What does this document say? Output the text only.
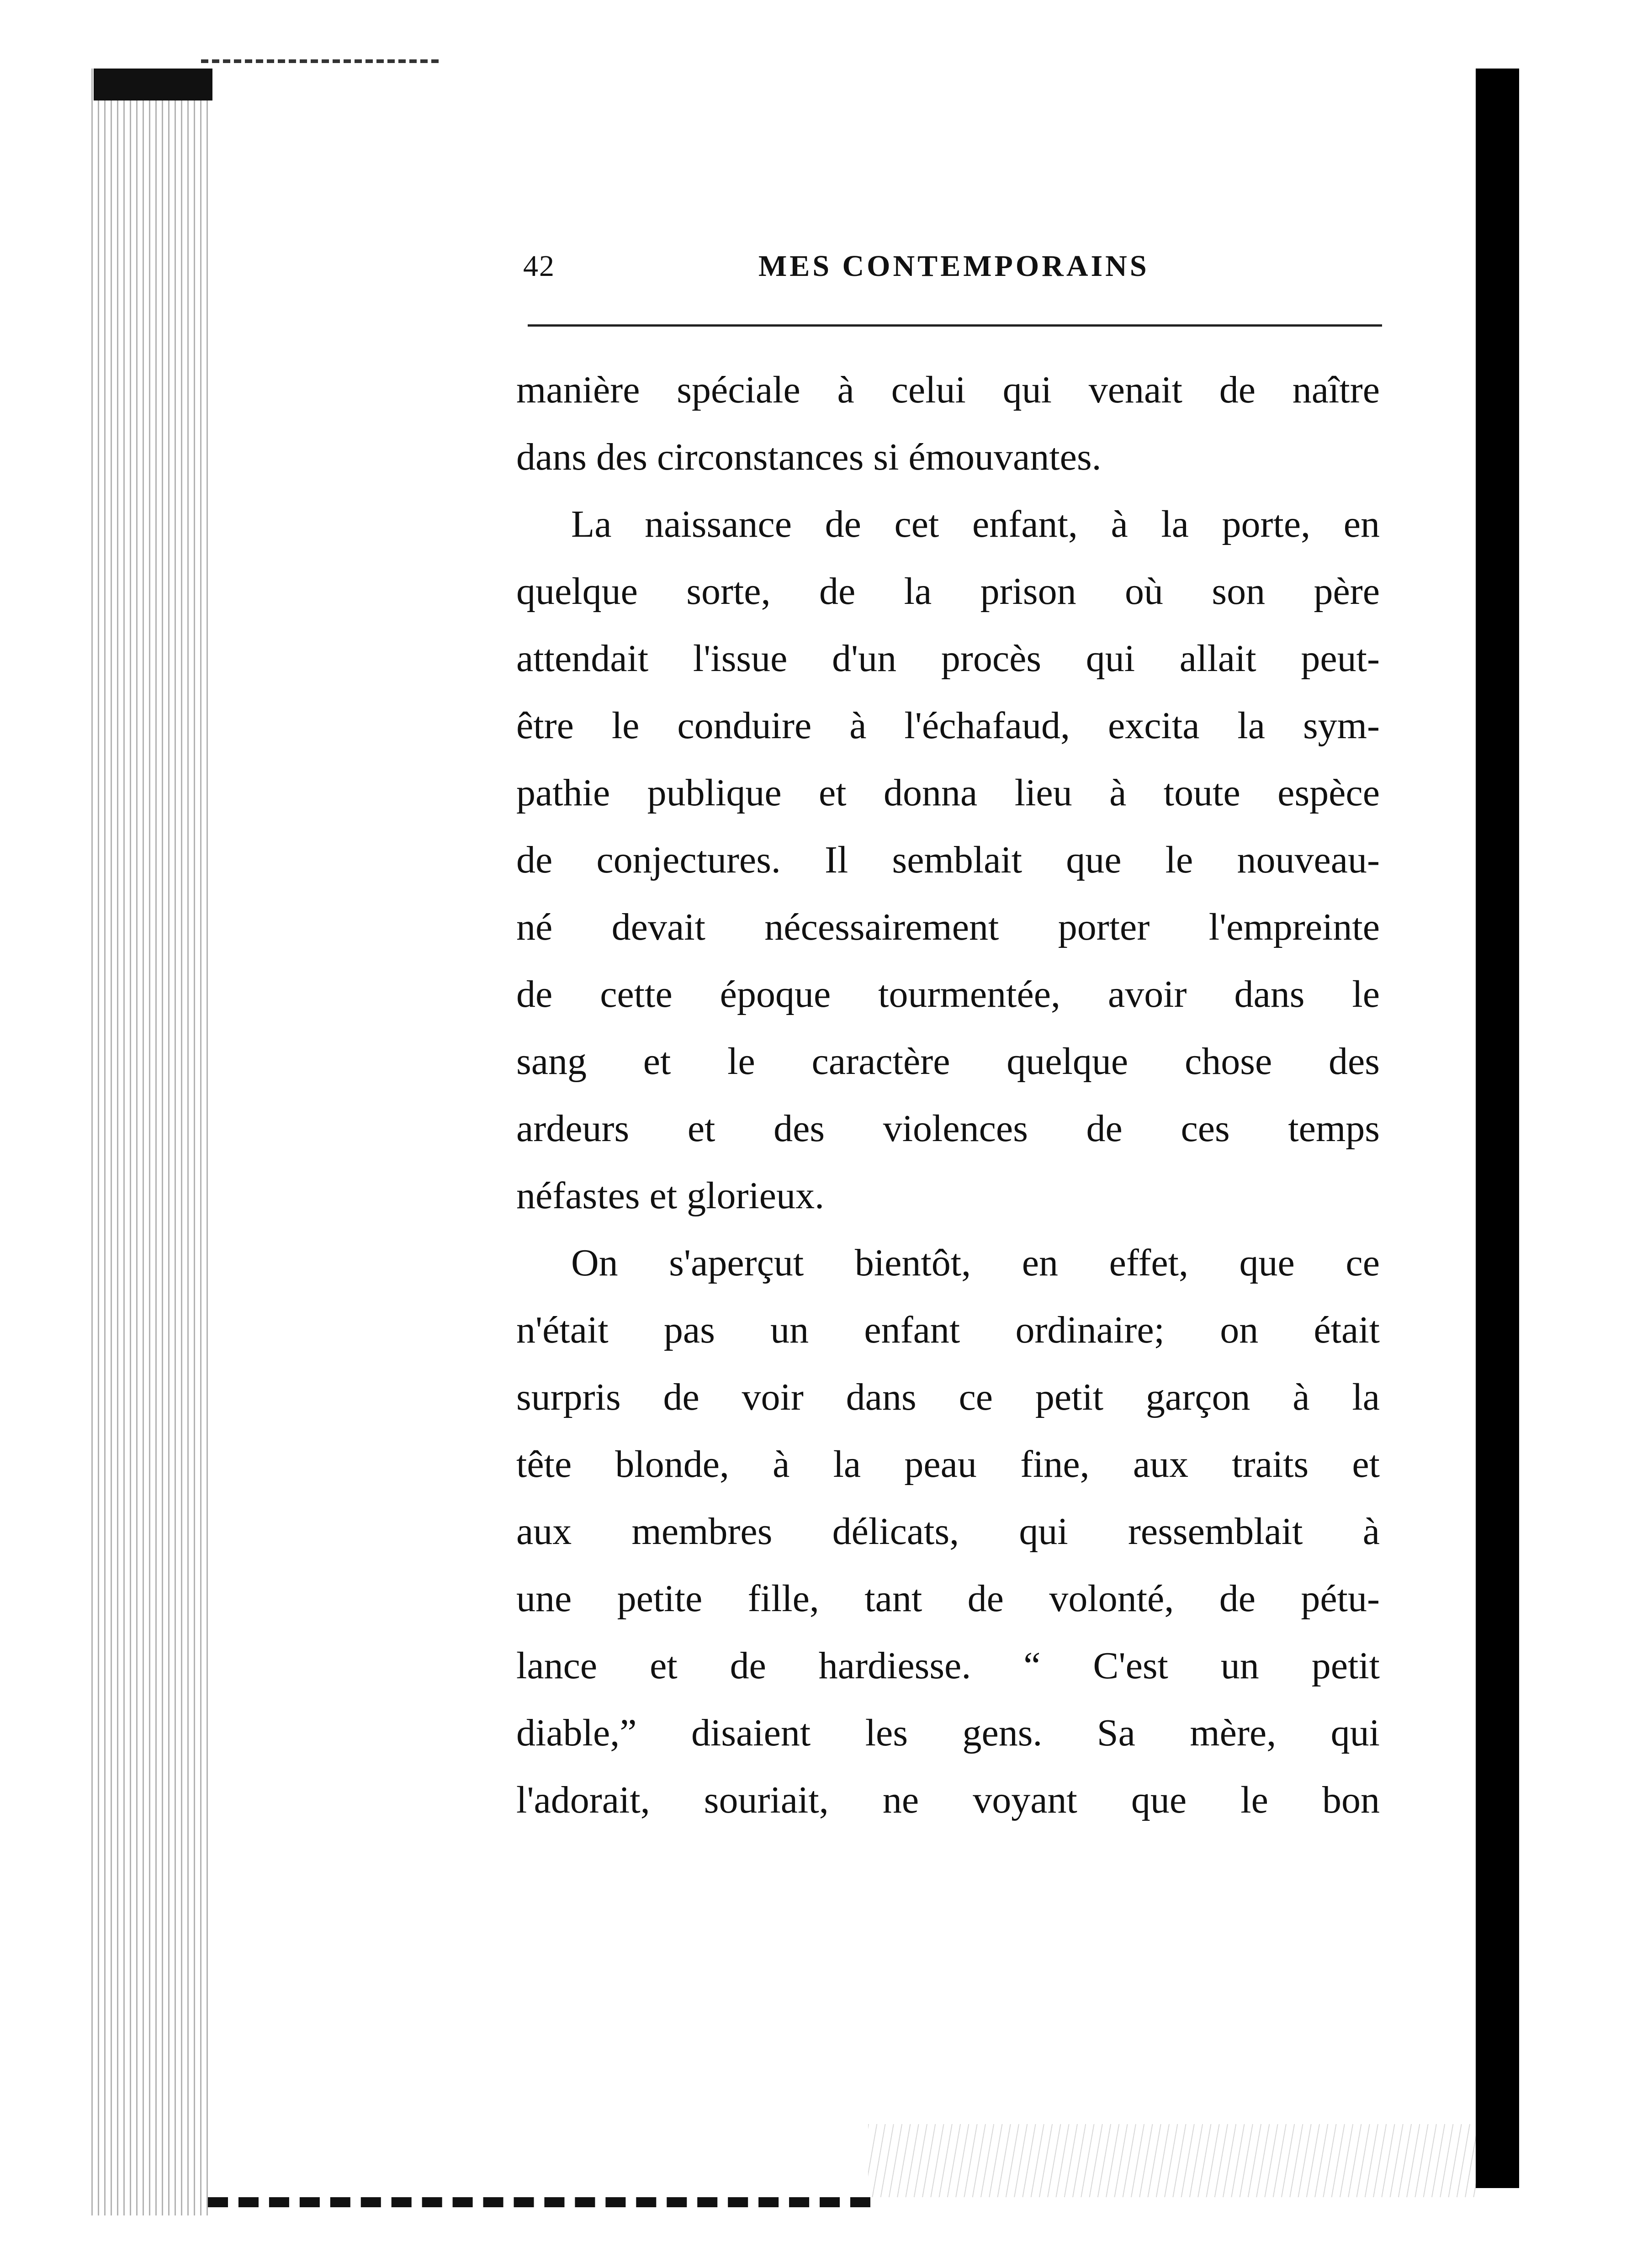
42	MES CONTEMPORAINS
manière spéciale à celui qui venait de naître
dans des circonstances si émouvantes.
La naissance de cet enfant, à la porte, en
quelque sorte, de la prison où son père
attendait l'issue d'un procès qui allait peut-
être le conduire à l'échafaud, excita la sym-
pathie publique et donna lieu à toute espèce
de conjectures. Il semblait que le nouveau-
né devait nécessairement porter l'empreinte
de cette époque tourmentée, avoir dans le
sang et le caractère quelque chose des
ardeurs et des violences de ces temps
néfastes et glorieux.
On s'aperçut bientôt, en effet, que ce
n'était pas un enfant ordinaire; on était
surpris de voir dans ce petit garçon à la
tête blonde, à la peau fine, aux traits et
aux membres délicats, qui ressemblait à
une petite fille, tant de volonté, de pétu-
lance et de hardiesse. “ C'est un petit
diable,” disaient les gens. Sa mère, qui
l'adorait, souriait, ne voyant que le bon
